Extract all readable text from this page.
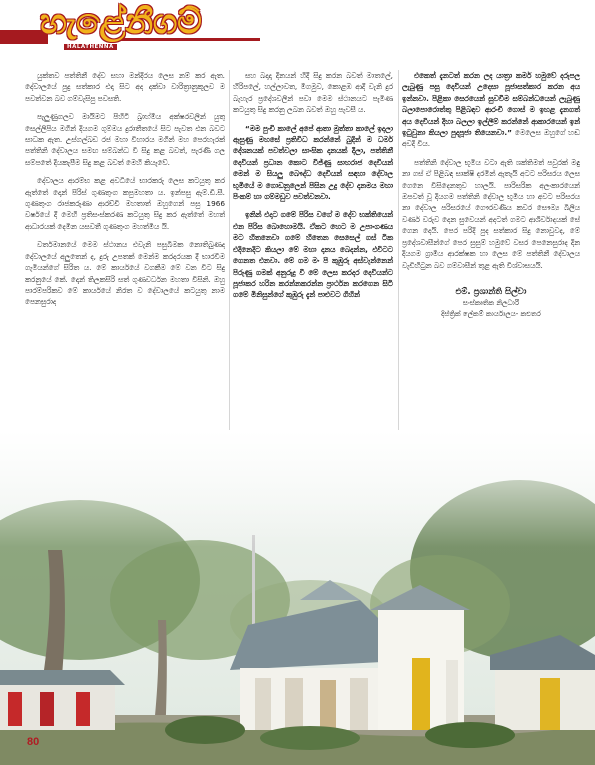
හැළේනීගම්
HALATHENNA

යුක්තව පත්තිනී දේව සහා මන්දිරය ලෙස නම් කර ඇත. දේවාලයේ පුදු සත්කාර එදා සිට අද දක්වා වාරිත්‍රානුකූලව ම පවත්වන බව ගම්වැසිපු පවසති.

පැලුණුගලව මායිමට පිහිටි බ්‍රාහ්මීය අක්ෂරවලින් යුතු සෙල්ලිපිය මගින් දියගම ගුම්මය දුරාතීතයේ සිට පැවත එන බවට සාධක ඇත. උස්ගල්බඩ රජ මහා විහාරය මගින් මහ පෙරහැරක් පත්තිනි දේවාලය සමඟ සම්බන්ධ වී සිදු කළ බවත්, පැරණි ගල සම්පතේ දියකැපීම සිදු කළ බවත් මෙහි කියැවේ.

දේවාලය ආරම්භ කළ අවධියේ භාරකරු ලෙස කටයුතු කර ඇත්තේ දොන් පිරිස් ගුණතුංග කපුමහතා ය. ඉන්පසු ඇම්.ඩී.සී. ගුණතුංග රාජකරුණා ආරච්චි මහතාත් ඔහුගෙන් පසු 1966 වර්ෂයේ දී මෙහි ප්‍රතිසංස්කරණ කටයුතු සිදු කර ඇත්තේ මහත් ආධාරයක් දෙමින යසවතී ගුණතුංග මහත්මිය යි.

වර්තමානයේ මෙම ස්ථානය එවැනි පසුබිමක නොතිබුණද දේවාලයේ අලුතෙන් ද, දුරු උපතක් මෙන්ම කරදරයක දී භාරවීම ගැමියන්ගේ සිරිත ය. මේ කාර්යයේ වගකීම මේ වන විට සිදු කරනුයේ කේ. දොන් තිලකසිරි සත් ගුණවර්ධන මහතා විසිනි. ඔහු පාරම්පරිකව මේ කාර්යයේ නිරත ව දේවාලයේ කටයුතු නාම පෙනසුරාද

සහ බදාදා දිනයන් හිදී සිදු කරන බවත් මාතලේ, හිරිපලේ, හල්ලාවත, මීගමුව, කොළඹ ආදී වැනි දුර බැහැර ප්‍රදේශවලින් පවා මෙම ස්ථානයට පැමිණ කටයුතු සිදු කරනු ලබන බවත් ඔහු පැවසී ය.

“මම පුංචි කාලේ අපේ ආතා මුත්තා කාලේ ඉදලා ඇසුණු මහසේ ප්‍රතිවිධ කරන්නේ බුදින් ම ධර්ම දේශනයක් පවත්වලා සාංඝික දානයක් දීලා, පත්තිනී දෙවියන් ප්‍රධාන කොට විජ්ණු සාහරාජ දෙවියන් මෙන් ම සියලු බෞද්ධ දෙවියන් සඳහා දේවාල භූමියේ ම ගොඩනුලෙන් පිසින උදු දේව දානමය මහා පිංකම් හා ගම්මඩුව පවත්වනවා.

ඉනින් එදාට ගමේ පිරිස වගේ ම දේව භක්තියෙන් එන පිරිස බොහොමයි. ඒකට හෙට ම උපාංගණය මට හිතනෙවා ගමේ හිතෙන සෙසෙල් ගස් ටික එදිනෙදිට කියලා මේ මහා දානය බෙදන්න, එවිටට ගෙනත එනවා. මේ ගම මං පි කුඹුරු අස්වැන්නෙන් පිරුණු ගමක් අනුරුදු වී මේ ලෙස කරදර දෙවියන්ට පූජාකර හරින කරන්නකරන්න ප්‍රාර්ථන කරගෙන සිටි ගමේ මිනිසුන්ගේ කුඹුරු දැන් පාළුවට ගිහින්

එකෙත් දැනටත් කරන ලද යාත්‍රා කර්ම හමුවේ දරුපල ලැබුණු පසු දෙවියන් උදෙසා පූජාසත්කාර කරන අය ඉන්නවා. පිළිකා සෙරයෙන් සුවවීම සම්බන්ධයෙන් ලැබුණු බලාපොරොත්තු පිළිබඳව ආරංචි ගොස් ම ඉහළ දැනගත් අය දෙවියන් දිහා බලලා ඉල්ලීම් කරන්නේ ආකාරයෙන් ඉන් ඉටුවුනා කියලා පුදපූජා තියෙනවා.” මෙලෙස ඔහුගේ හඬ අවදි විය.

පත්තිනි දේවාල භූමිය වටා ඇති ශක්තිමත් පවුරක් මඳු නා ගස් ඒ පිළිබඳ සාක්ෂි දරමින් ඇතැයි අටට පරිසරය ලෙස ගෙනෙ විසිදෙනතුව හාලයි. පාරිසරික අලංකාරයෙන් ඔපවත් වූ දියගම පත්තිනි දේවාල භූමිය හා අවට පරිසරය නා දේවාල පරිසරයේ ගෞරවණීය කවර සෞම්‍ය බිලිය වර්ණ වරුව දෙන සුවෙයන් අදටත් ගමට ආශිර්වාදයක් සේ ගෙන දෙයි. පෙර පරිදි පුද සත්කාර සිදු නොවුවද, මේ ප්‍රදේශවාසීන්ගේ පෙර සුසුම් හමුවේ වසර පෙනෙසුරාද දින දියගම ග්‍රාමීය ආරක්ෂක හා ලෙස මේ පත්තිනී දේවාලය වැඩිහිටුන බව ගම්වාසීන් තුළ ඇති විශ්වාසයයි.

එම්. ප්‍රශාන්ති සිල්වා
සංස්කෘතික නිලධාරි
දිස්ත්‍රික් ලේකම් කාර්යාලය- කළුතර
80
